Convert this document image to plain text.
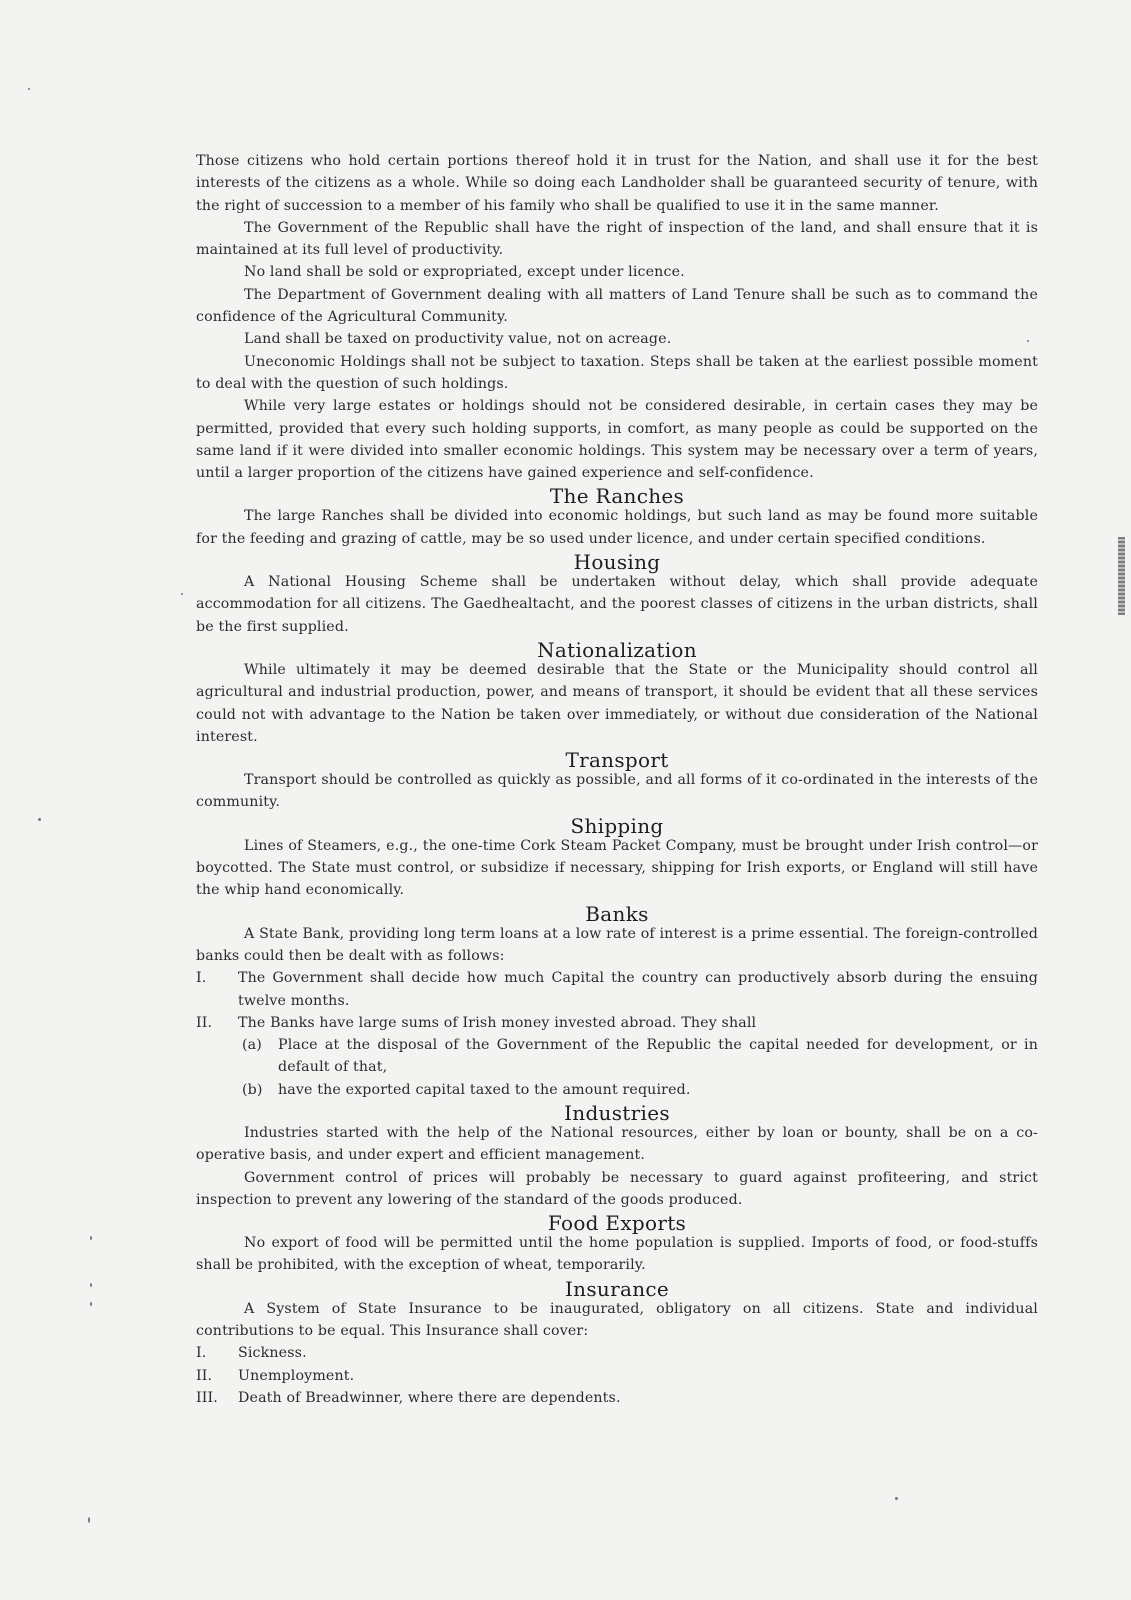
Those citizens who hold certain portions thereof hold it in trust for the Nation, and shall use it for the best interests of the citizens as a whole. While so doing each Landholder shall be guaranteed security of tenure, with the right of succession to a member of his family who shall be qualified to use it in the same manner.

The Government of the Republic shall have the right of inspection of the land, and shall ensure that it is maintained at its full level of productivity.

No land shall be sold or expropriated, except under licence.

The Department of Government dealing with all matters of Land Tenure shall be such as to command the confidence of the Agricultural Community.

Land shall be taxed on productivity value, not on acreage.

Uneconomic Holdings shall not be subject to taxation. Steps shall be taken at the earliest possible moment to deal with the question of such holdings.

While very large estates or holdings should not be considered desirable, in certain cases they may be permitted, provided that every such holding supports, in comfort, as many people as could be supported on the same land if it were divided into smaller economic holdings. This system may be necessary over a term of years, until a larger proportion of the citizens have gained experience and self-confidence.

The Ranches

The large Ranches shall be divided into economic holdings, but such land as may be found more suitable for the feeding and grazing of cattle, may be so used under licence, and under certain specified conditions.

Housing

A National Housing Scheme shall be undertaken without delay, which shall provide adequate accommodation for all citizens. The Gaedhealtacht, and the poorest classes of citizens in the urban districts, shall be the first supplied.

Nationalization

While ultimately it may be deemed desirable that the State or the Municipality should control all agricultural and industrial production, power, and means of transport, it should be evident that all these services could not with advantage to the Nation be taken over immediately, or without due consideration of the National interest.

Transport

Transport should be controlled as quickly as possible, and all forms of it co-ordinated in the interests of the community.

Shipping

Lines of Steamers, e.g., the one-time Cork Steam Packet Company, must be brought under Irish control—or boycotted. The State must control, or subsidize if necessary, shipping for Irish exports, or England will still have the whip hand economically.

Banks

A State Bank, providing long term loans at a low rate of interest is a prime essential. The foreign-controlled banks could then be dealt with as follows:

I.	The Government shall decide how much Capital the country can productively absorb during the ensuing twelve months.
II.	The Banks have large sums of Irish money invested abroad. They shall
(a)	Place at the disposal of the Government of the Republic the capital needed for development, or in default of that,
(b)	have the exported capital taxed to the amount required.
Industries

Industries started with the help of the National resources, either by loan or bounty, shall be on a co-operative basis, and under expert and efficient management.

Government control of prices will probably be necessary to guard against profiteering, and strict inspection to prevent any lowering of the standard of the goods produced.

Food Exports

No export of food will be permitted until the home population is supplied. Imports of food, or food-stuffs shall be prohibited, with the exception of wheat, temporarily.

Insurance

A System of State Insurance to be inaugurated, obligatory on all citizens. State and individual contributions to be equal. This Insurance shall cover:

I.	Sickness.
II.	Unemployment.
III.	Death of Breadwinner, where there are dependents.
